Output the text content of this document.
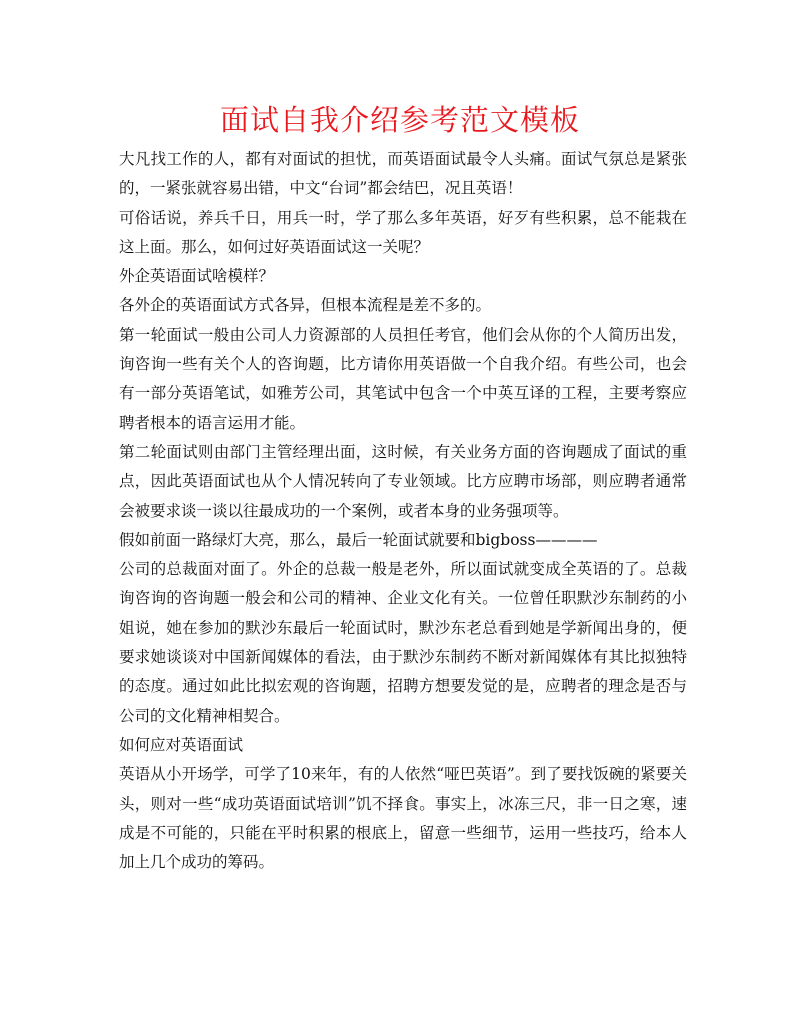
面试自我介绍参考范文模板

大凡找工作的人，都有对面试的担忧，而英语面试最令人头痛。面试气氛总是紧张的，一紧张就容易出错，中文“台词”都会结巴，况且英语！

可俗话说，养兵千日，用兵一时，学了那么多年英语，好歹有些积累，总不能栽在这上面。那么，如何过好英语面试这一关呢？

外企英语面试啥模样？

各外企的英语面试方式各异，但根本流程是差不多的。

第一轮面试一般由公司人力资源部的人员担任考官，他们会从你的个人简历出发，询咨询一些有关个人的咨询题，比方请你用英语做一个自我介绍。有些公司，也会有一部分英语笔试，如雅芳公司，其笔试中包含一个中英互译的工程，主要考察应聘者根本的语言运用才能。

第二轮面试则由部门主管经理出面，这时候，有关业务方面的咨询题成了面试的重点，因此英语面试也从个人情况转向了专业领域。比方应聘市场部，则应聘者通常会被要求谈一谈以往最成功的一个案例，或者本身的业务强项等。

假如前面一路绿灯大亮，那么，最后一轮面试就要和bigboss————

公司的总裁面对面了。外企的总裁一般是老外，所以面试就变成全英语的了。总裁询咨询的咨询题一般会和公司的精神、企业文化有关。一位曾任职默沙东制药的小姐说，她在参加的默沙东最后一轮面试时，默沙东老总看到她是学新闻出身的，便要求她谈谈对中国新闻媒体的看法，由于默沙东制药不断对新闻媒体有其比拟独特的态度。通过如此比拟宏观的咨询题，招聘方想要发觉的是，应聘者的理念是否与公司的文化精神相契合。

如何应对英语面试

英语从小开场学，可学了10来年，有的人依然“哑巴英语”。到了要找饭碗的紧要关头，则对一些“成功英语面试培训”饥不择食。事实上，冰冻三尺，非一日之寒，速成是不可能的，只能在平时积累的根底上，留意一些细节，运用一些技巧，给本人加上几个成功的筹码。
